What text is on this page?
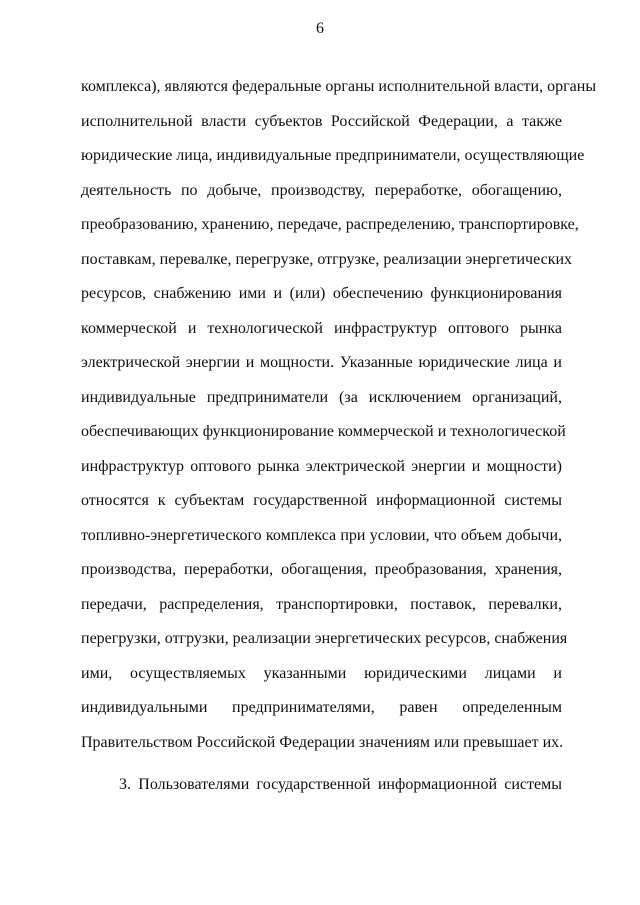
6
комплекса), являются федеральные органы исполнительной власти, органы
исполнительной власти субъектов Российской Федерации, а также
юридические лица, индивидуальные предприниматели, осуществляющие
деятельность по добыче, производству, переработке, обогащению,
преобразованию, хранению, передаче, распределению, транспортировке,
поставкам, перевалке, перегрузке, отгрузке, реализации энергетических
ресурсов, снабжению ими и (или) обеспечению функционирования
коммерческой и технологической инфраструктур оптового рынка
электрической энергии и мощности. Указанные юридические лица и
индивидуальные предприниматели (за исключением организаций,
обеспечивающих функционирование коммерческой и технологической
инфраструктур оптового рынка электрической энергии и мощности)
относятся к субъектам государственной информационной системы
топливно-энергетического комплекса при условии, что объем добычи,
производства, переработки, обогащения, преобразования, хранения,
передачи, распределения, транспортировки, поставок, перевалки,
перегрузки, отгрузки, реализации энергетических ресурсов, снабжения
ими, осуществляемых указанными юридическими лицами и
индивидуальными предпринимателями, равен определенным
Правительством Российской Федерации значениям или превышает их.
3. Пользователями государственной информационной системы
